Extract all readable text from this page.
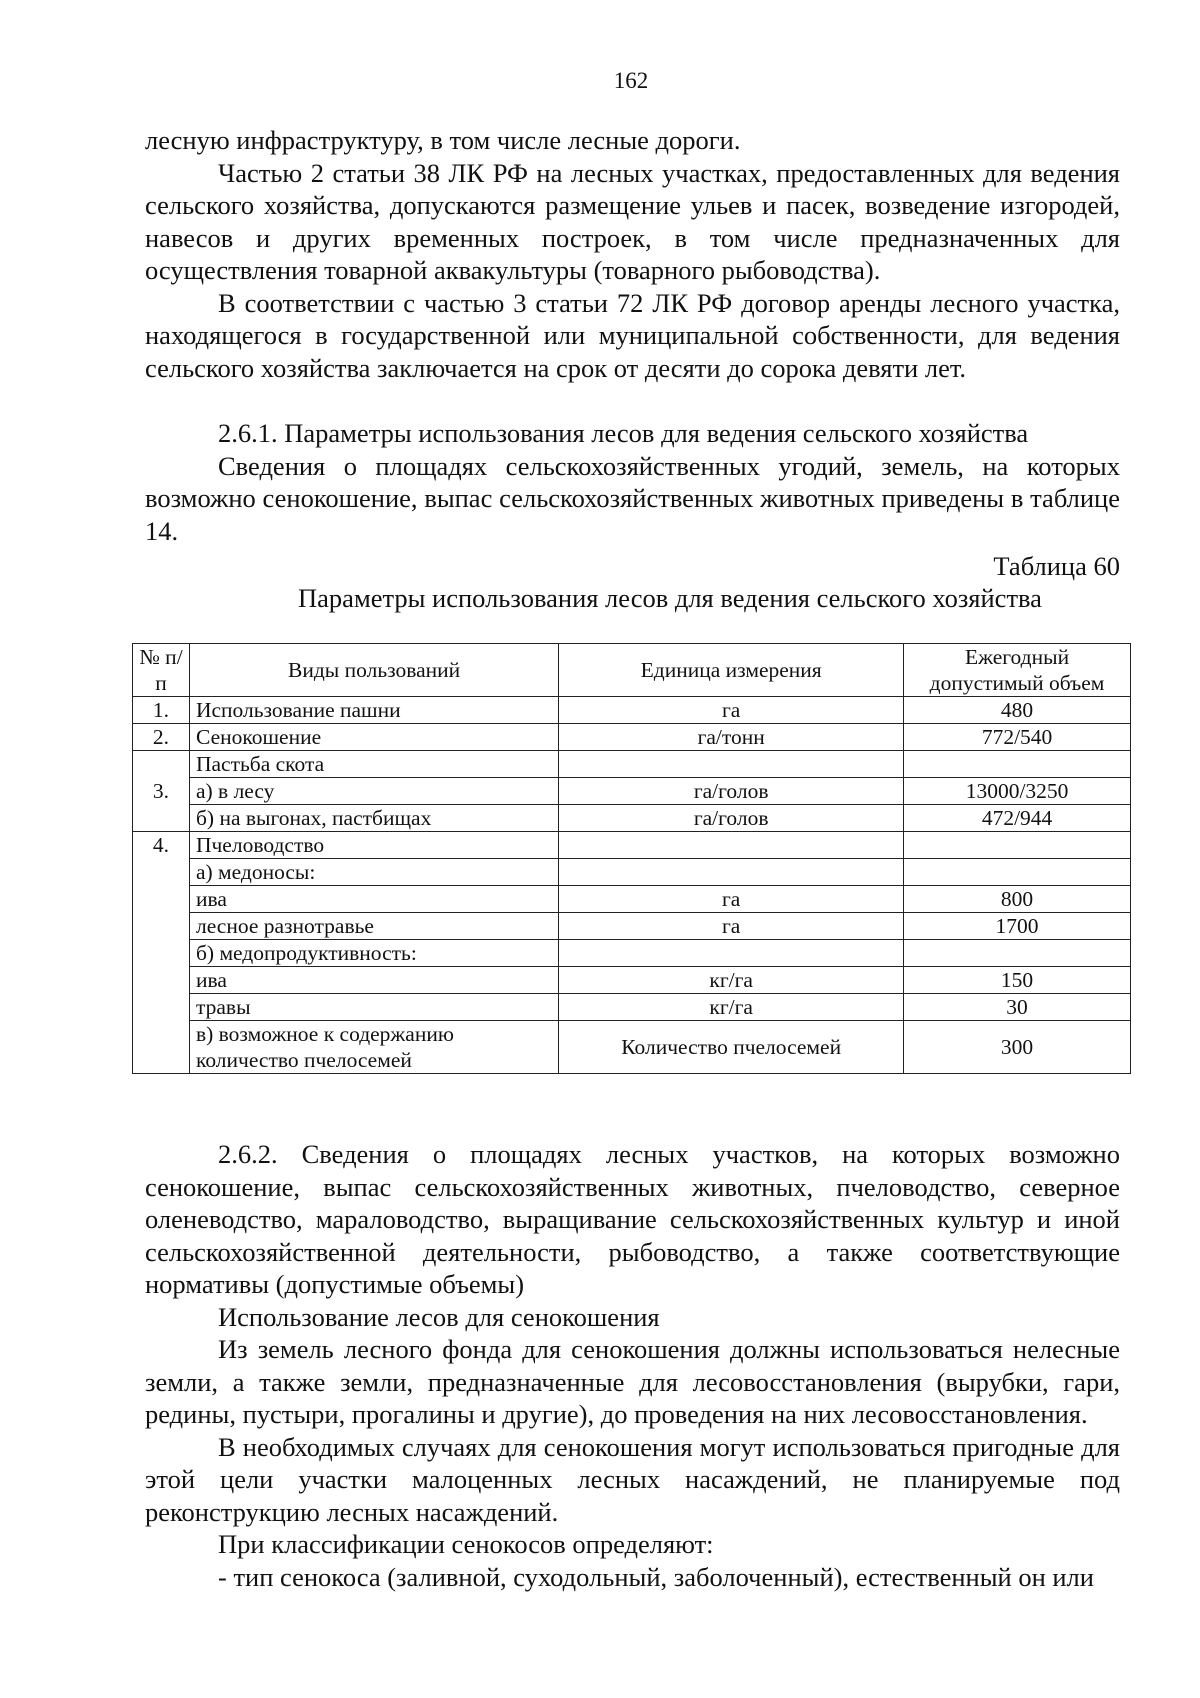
162

лесную инфраструктуру, в том числе лесные дороги.

Частью 2 статьи 38 ЛК РФ на лесных участках, предоставленных для ведения сельского хозяйства, допускаются размещение ульев и пасек, возведение изгородей, навесов и других временных построек, в том числе предназначенных для осуществления товарной аквакультуры (товарного рыбоводства).

В соответствии с частью 3 статьи 72 ЛК РФ договор аренды лесного участка, находящегося в государственной или муниципальной собственности, для ведения сельского хозяйства заключается на срок от десяти до сорока девяти лет.

2.6.1. Параметры использования лесов для ведения сельского хозяйства

Сведения о площадях сельскохозяйственных угодий, земель, на которых возможно сенокошение, выпас сельскохозяйственных животных приведены в таблице 14.

Таблица 60
Параметры использования лесов для ведения сельского хозяйства
№ п/п	Виды пользований	Единица измерения	Ежегодный допустимый объем
1.	Использование пашни	га	480
2.	Сенокошение	га/тонн	772/540
3.	Пастьба скота		
	а) в лесу	га/голов	13000/3250
	б) на выгонах, пастбищах	га/голов	472/944
4.	Пчеловодство		
	а) медоносы:		
	ива	га	800
	лесное разнотравье	га	1700
	б) медопродуктивность:		
	ива	кг/га	150
	травы	кг/га	30
	в) возможное к содержанию количество пчелосемей	Количество пчелосемей	300

2.6.2. Сведения о площадях лесных участков, на которых возможно сенокошение, выпас сельскохозяйственных животных, пчеловодство, северное оленеводство, мараловодство, выращивание сельскохозяйственных культур и иной сельскохозяйственной деятельности, рыбоводство, а также соответствующие нормативы (допустимые объемы)

Использование лесов для сенокошения

Из земель лесного фонда для сенокошения должны использоваться нелесные земли, а также земли, предназначенные для лесовосстановления (вырубки, гари, редины, пустыри, прогалины и другие), до проведения на них лесовосстановления.

В необходимых случаях для сенокошения могут использоваться пригодные для этой цели участки малоценных лесных насаждений, не планируемые под реконструкцию лесных насаждений.

При классификации сенокосов определяют:

- тип сенокоса (заливной, суходольный, заболоченный), естественный он или
